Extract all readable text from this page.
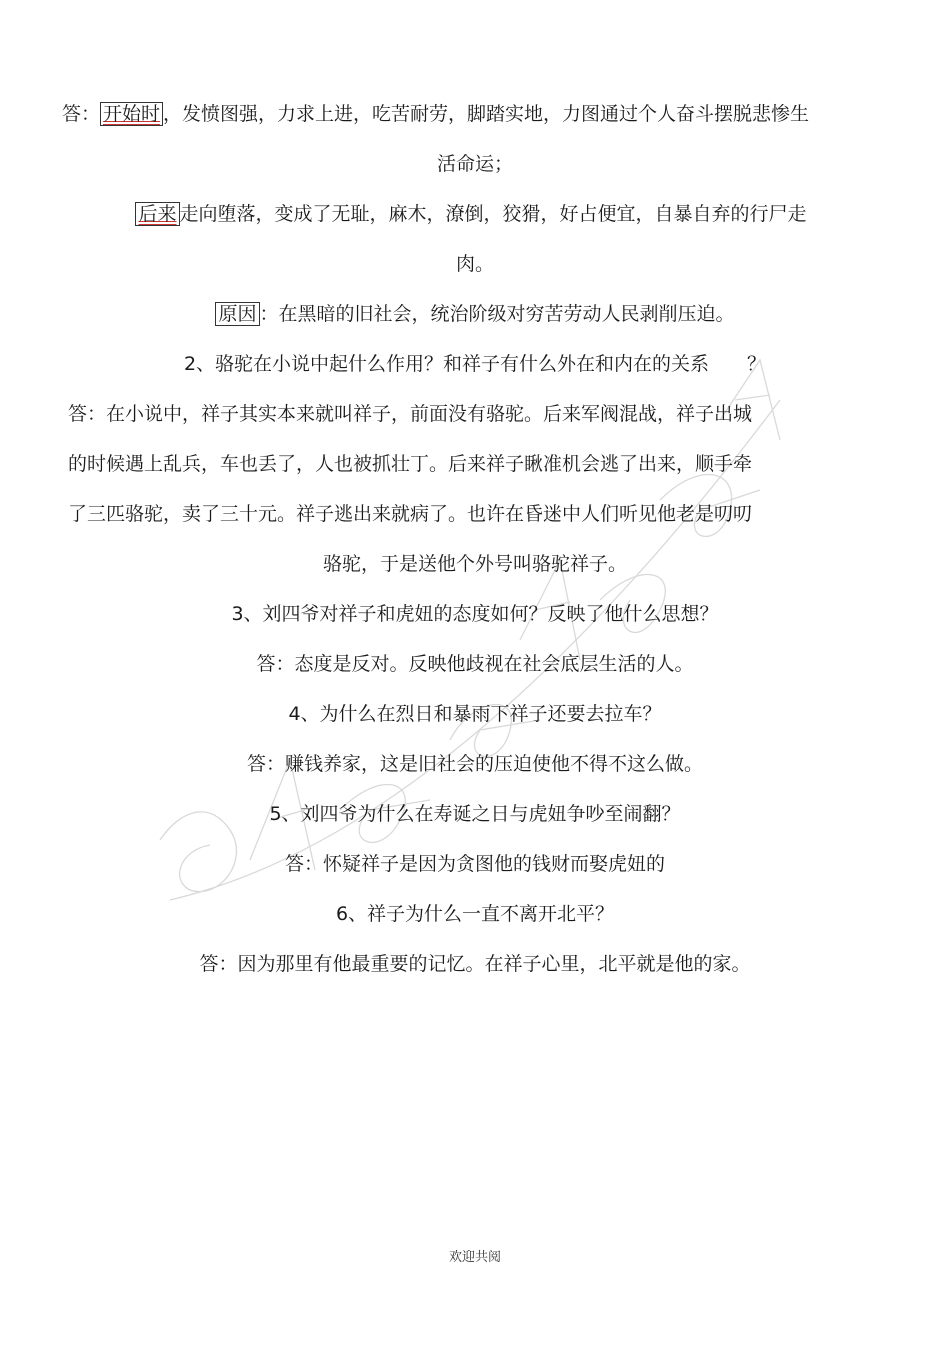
答： 开始时 ，发愤图强，力求上进，吃苦耐劳，脚踏实地，力图通过个人奋斗摆脱悲惨生
活命运；
后来 走向堕落，变成了无耻，麻木，潦倒，狡猾，好占便宜，自暴自弃的行尸走
肉。
原因 ：在黑暗的旧社会，统治阶级对穷苦劳动人民剥削压迫。
2、骆驼在小说中起什么作用？和祥子有什么外在和内在的关系　　？
答：在小说中，祥子其实本来就叫祥子，前面没有骆驼。后来军阀混战，祥子出城
的时候遇上乱兵，车也丢了，人也被抓壮丁。后来祥子瞅准机会逃了出来，顺手牵
了三匹骆驼，卖了三十元。祥子逃出来就病了。也许在昏迷中人们听见他老是叨叨
骆驼，于是送他个外号叫骆驼祥子。
3、刘四爷对祥子和虎妞的态度如何？反映了他什么思想？
答：态度是反对。反映他歧视在社会底层生活的人。
4、为什么在烈日和暴雨下祥子还要去拉车？
答：赚钱养家，这是旧社会的压迫使他不得不这么做。
5、刘四爷为什么在寿诞之日与虎妞争吵至闹翻？
答：怀疑祥子是因为贪图他的钱财而娶虎妞的
6、祥子为什么一直不离开北平？
答：因为那里有他最重要的记忆。在祥子心里，北平就是他的家。
欢迎共阅
